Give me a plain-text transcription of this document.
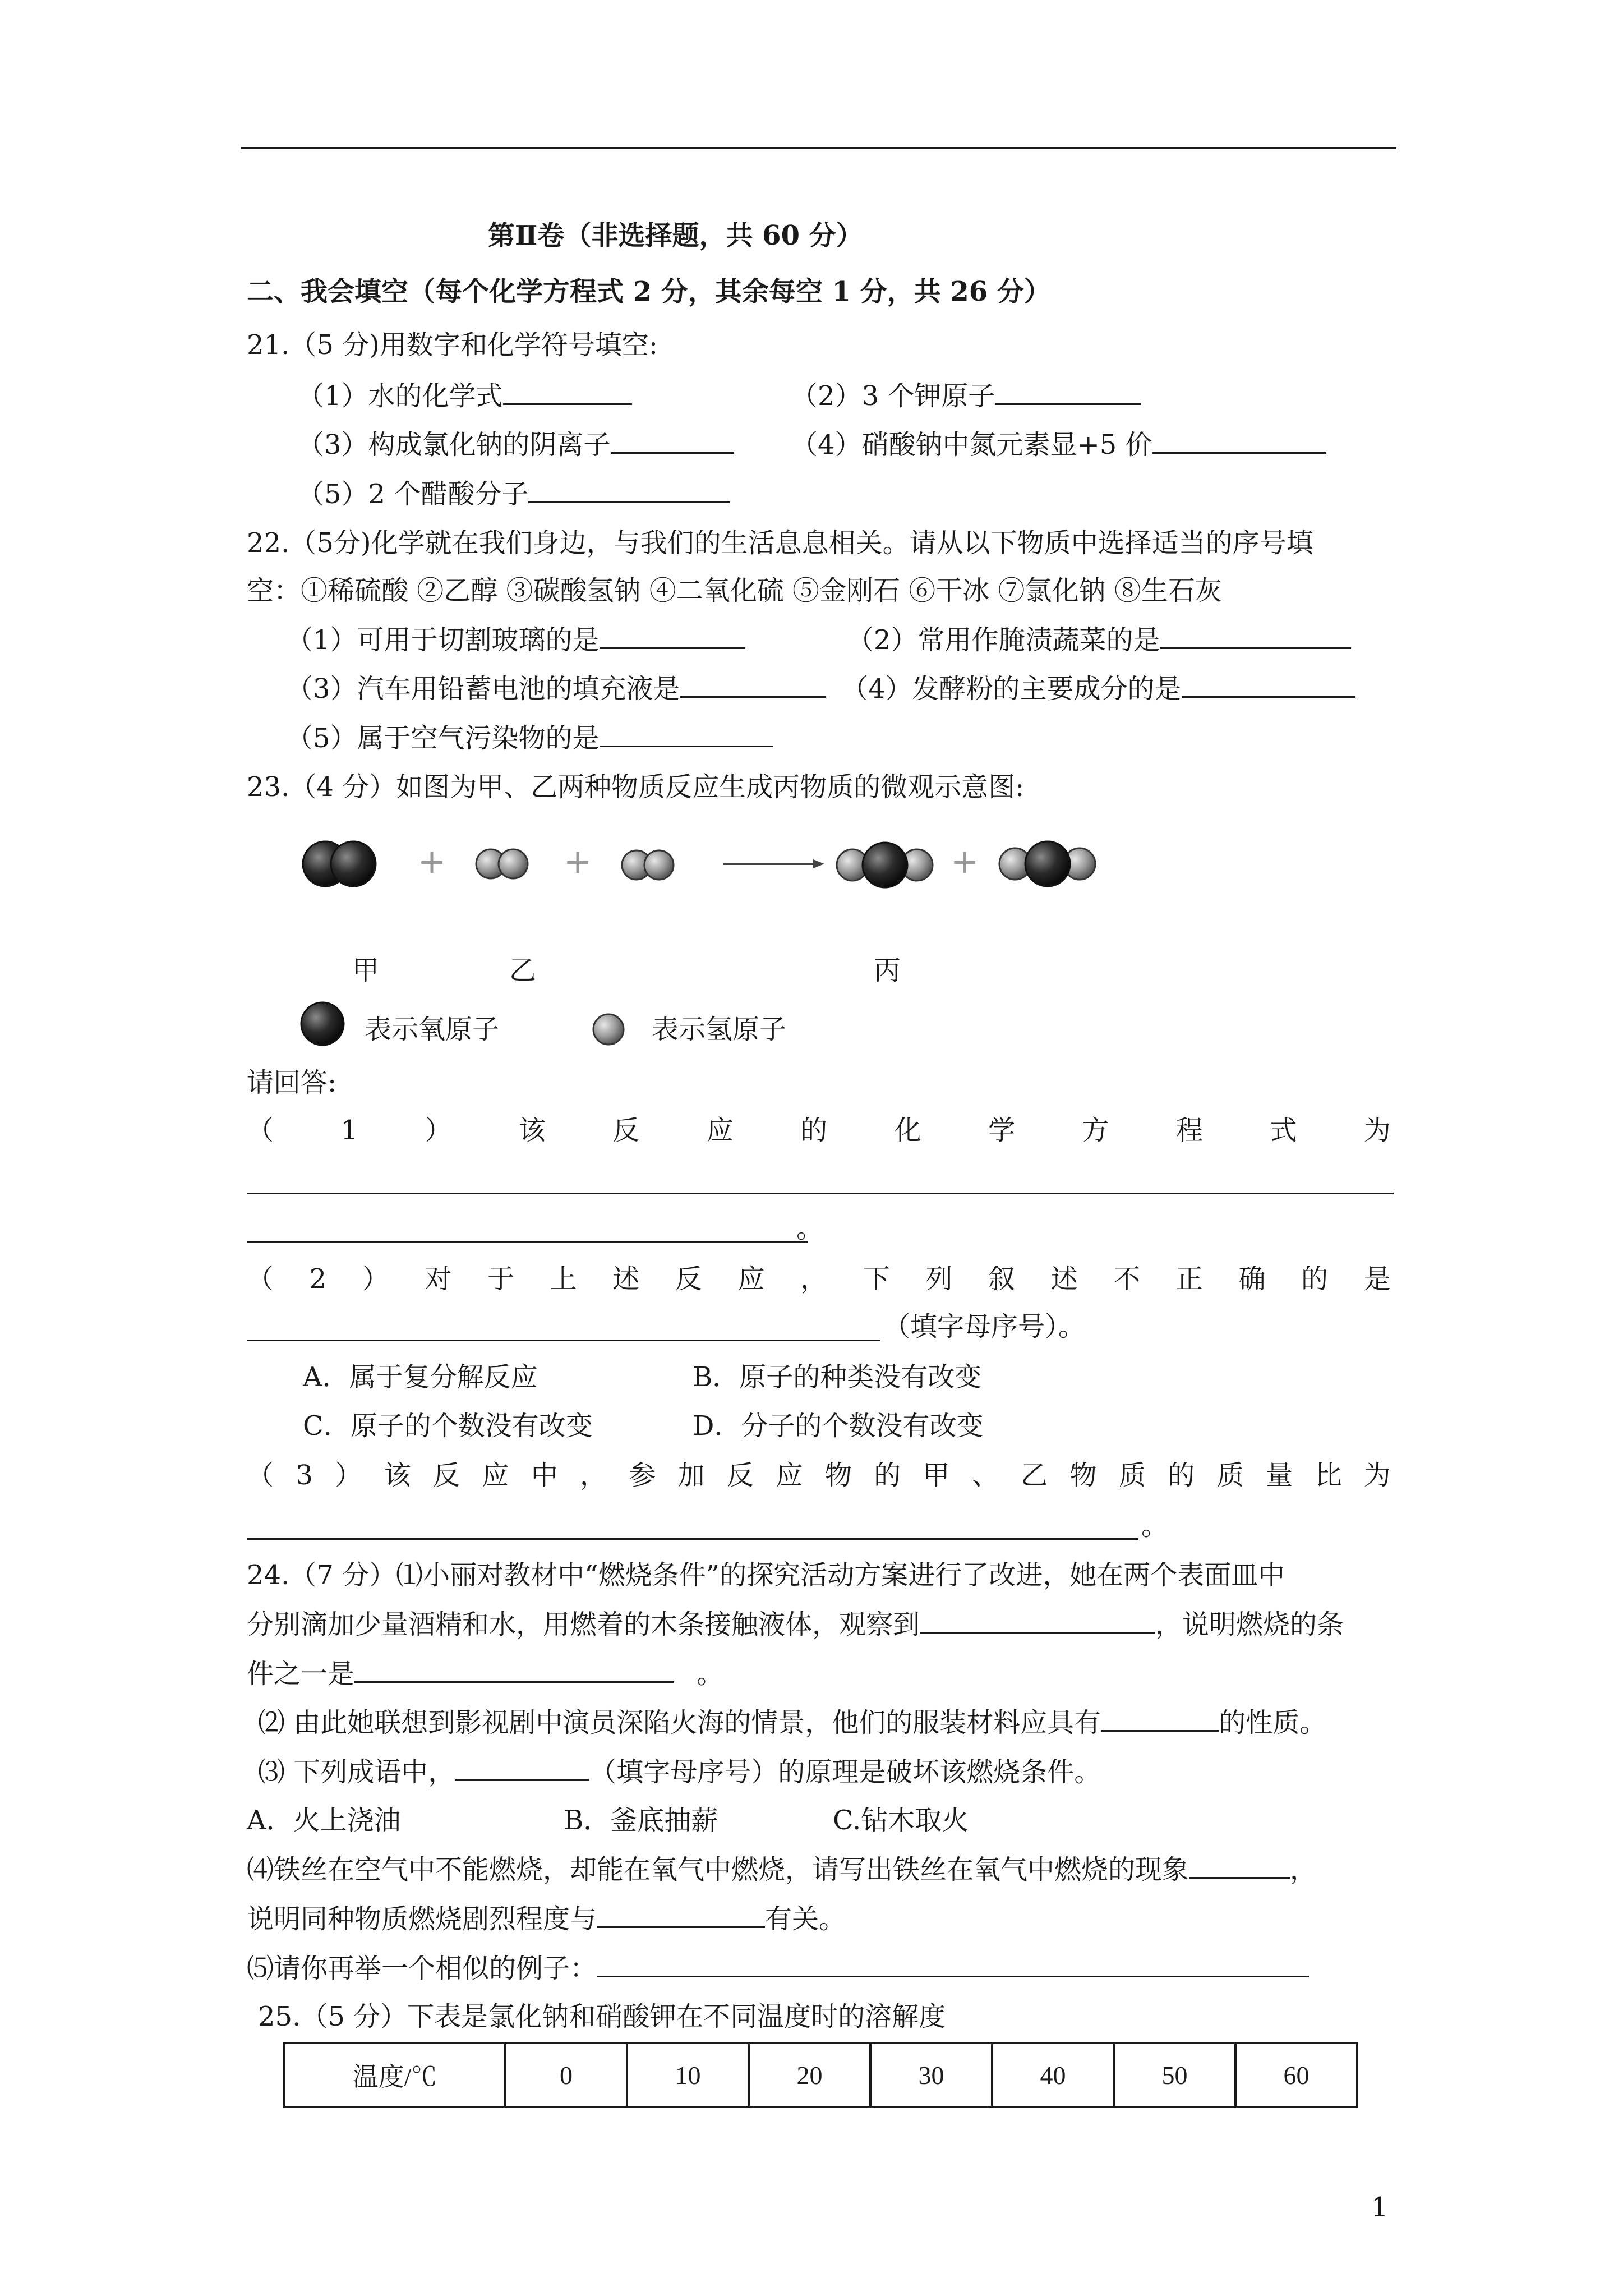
第Ⅱ卷（非选择题，共 60 分）
二、我会填空（每个化学方程式 2 分，其余每空 1 分，共 26 分）
21.（5 分)用数字和化学符号填空:
（1）水的化学式	（2）3 个钾原子
（3）构成氯化钠的阴离子	（4）硝酸钠中氮元素显+5 价
（5）2 个醋酸分子
22.（5分)化学就在我们身边，与我们的生活息息相关。请从以下物质中选择适当的序号填
空：①稀硫酸 ②乙醇 ③碳酸氢钠 ④二氧化硫 ⑤金刚石 ⑥干冰 ⑦氯化钠 ⑧生石灰
（1）可用于切割玻璃的是	（2）常用作腌渍蔬菜的是
（3）汽车用铅蓄电池的填充液是	（4）发酵粉的主要成分的是
（5）属于空气污染物的是
23.（4 分）如图为甲、乙两种物质反应生成丙物质的微观示意图:
+	+	+
甲	乙	丙
表示氧原子	表示氢原子
请回答:
（ 1 ） 该 反 应 的 化 学 方 程 式 为
。
（ 2 ） 对 于 上 述 反 应 ， 下 列 叙 述 不 正 确 的 是
（填字母序号）。
A．属于复分解反应	B．原子的种类没有改变
C．原子的个数没有改变	D．分子的个数没有改变
（ 3 ） 该 反 应 中 ， 参 加 反 应 物 的 甲 、 乙 物 质 的 质 量 比 为
。
24.（7 分）⑴小丽对教材中“燃烧条件”的探究活动方案进行了改进，她在两个表面皿中
分别滴加少量酒精和水，用燃着的木条接触液体，观察到	，说明燃烧的条
件之一是	。
⑵ 由此她联想到影视剧中演员深陷火海的情景，他们的服装材料应具有	的性质。
⑶ 下列成语中，	（填字母序号）的原理是破坏该燃烧条件。
A．火上浇油	B．釜底抽薪	C.钻木取火
⑷铁丝在空气中不能燃烧，却能在氧气中燃烧，请写出铁丝在氧气中燃烧的现象	，
说明同种物质燃烧剧烈程度与	有关。
⑸请你再举一个相似的例子：
25.（5 分）下表是氯化钠和硝酸钾在不同温度时的溶解度
温度/℃	0	10	20	30	40	50	60
1
